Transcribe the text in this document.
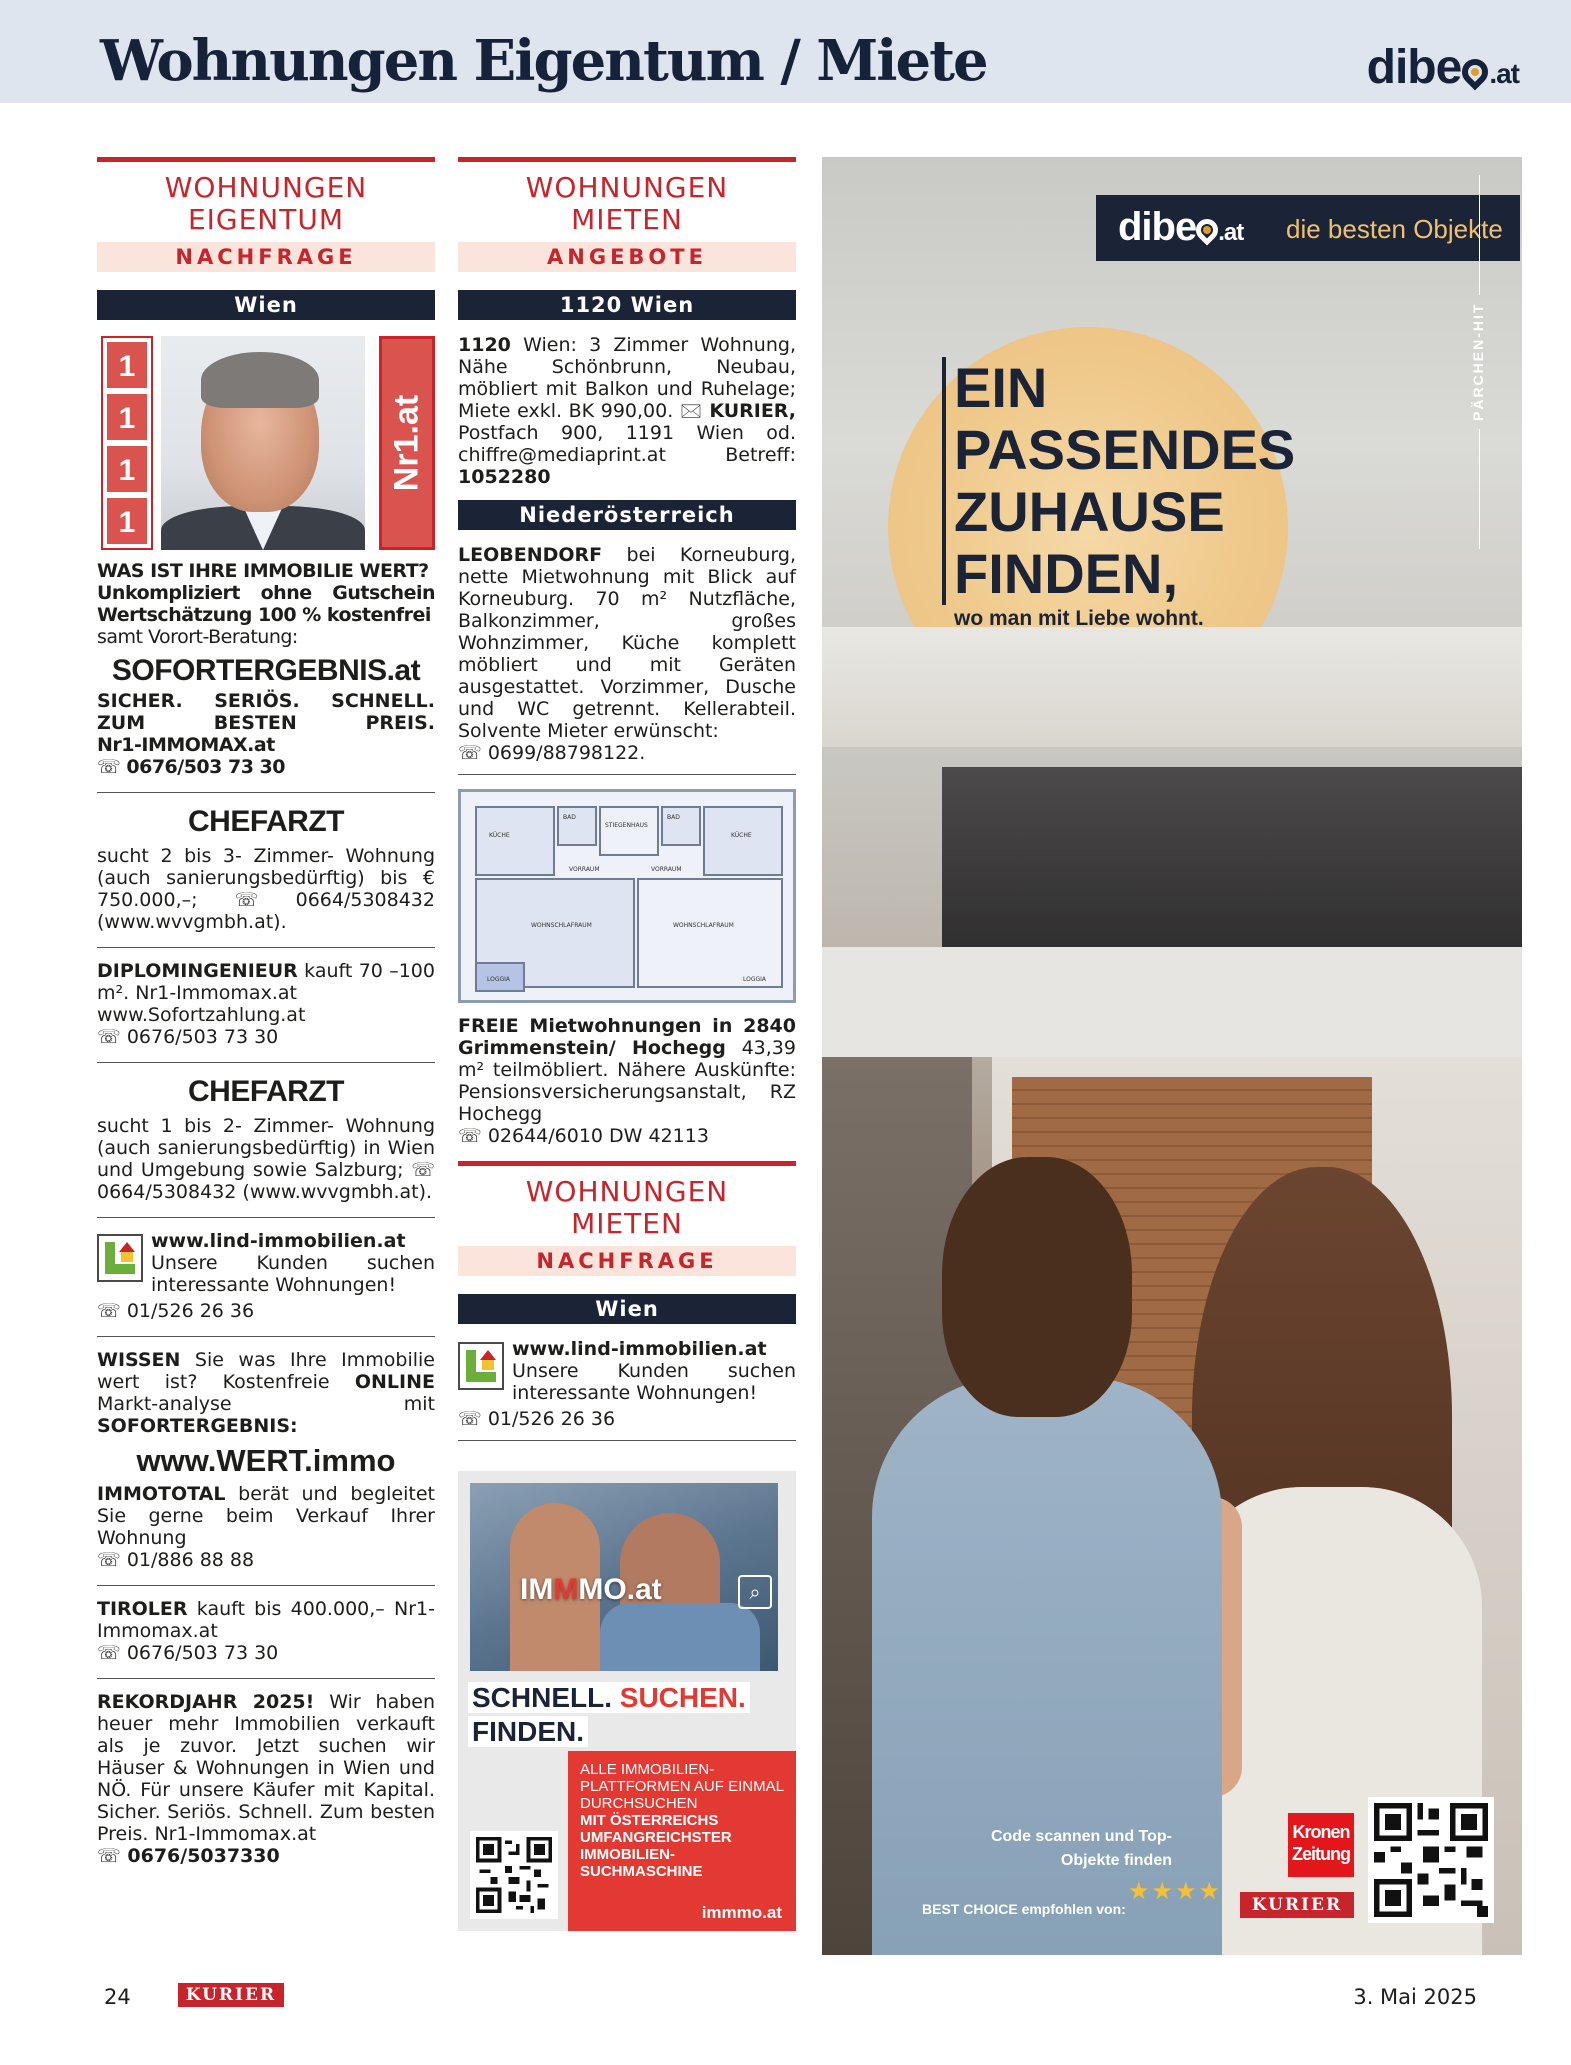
Wohnungen Eigentum / Miete	dibe .at
WOHNUNGEN
EIGENTUM
NACHFRAGE
Wien
1
1
1
1
Nr1.at
WAS IST IHRE IMMOBILIE WERT?
Unkompliziert ohne Gutschein Wertschätzung 100 % kostenfrei
samt Vorort-Beratung:
SOFORTERGEBNIS.at
SICHER. SERIÖS. SCHNELL.
ZUM	BESTEN	PREIS.
Nr1-IMMOMAX.at
☏ 0676/503 73 30
CHEFARZT
sucht 2 bis 3- Zimmer- Wohnung (auch sanierungsbedürftig) bis € 750.000,–; ☏ 0664/5308432 (www.wvvgmbh.at).
DIPLOMINGENIEUR kauft 70 –100 m². Nr1-Immomax.at
www.Sofortzahlung.at
☏ 0676/503 73 30
CHEFARZT
sucht 1 bis 2- Zimmer- Wohnung (auch sanierungsbedürftig) in Wien und Umgebung sowie Salzburg; ☏ 0664/5308432 (www.wvvgmbh.at).
www.lind-immobilien.at
Unsere Kunden suchen interessante Wohnungen!
☏ 01/526 26 36
WISSEN Sie was Ihre Immobilie wert ist? Kostenfreie ONLINE Markt-analyse mit SOFORTERGEBNIS:
www.WERT.immo
IMMOTOTAL berät und begleitet Sie gerne beim Verkauf Ihrer Wohnung
☏ 01/886 88 88
TIROLER kauft bis 400.000,– Nr1-Immomax.at
☏ 0676/503 73 30
REKORDJAHR 2025! Wir haben heuer mehr Immobilien verkauft als je zuvor. Jetzt suchen wir Häuser & Wohnungen in Wien und NÖ. Für unsere Käufer mit Kapital. Sicher. Seriös. Schnell. Zum besten Preis. Nr1-Immomax.at
☏ 0676/5037330
WOHNUNGEN
MIETEN
ANGEBOTE
1120 Wien
1120 Wien: 3 Zimmer Wohnung, Nähe Schönbrunn, Neubau, möbliert mit Balkon und Ruhelage; Miete exkl. BK 990,00. 🖂 KURIER, Postfach 900, 1191 Wien od. chiffre@mediaprint.at Betreff: 1052280
Niederösterreich
LEOBENDORF bei Korneuburg, nette Mietwohnung mit Blick auf Korneuburg. 70 m² Nutzfläche, Balkonzimmer, großes Wohnzimmer, Küche komplett möbliert und mit Geräten ausgestattet. Vorzimmer, Dusche und WC getrennt. Kellerabteil. Solvente Mieter erwünscht:
☏ 0699/88798122.
KÜCHE
BAD
STIEGENHAUS
BAD
KÜCHE
VORRAUM	VORRAUM
WOHNSCHLAFRAUM	WOHNSCHLAFRAUM
LOGGIA	LOGGIA
FREIE Mietwohnungen in 2840 Grimmenstein/ Hochegg 43,39 m² teilmöbliert. Nähere Auskünfte: Pensionsversicherungsanstalt, RZ Hochegg
☏ 02644/6010 DW 42113
WOHNUNGEN
MIETEN
NACHFRAGE
Wien
www.lind-immobilien.at
Unsere Kunden suchen interessante Wohnungen!
☏ 01/526 26 36
IMMMO.at	⌕
SCHNELL. SUCHEN.
FINDEN.
ALLE IMMOBILIEN-PLATTFORMEN AUF EINMAL DURCHSUCHEN
MIT ÖSTERREICHS UMFANGREICHSTER IMMOBILIEN-SUCHMASCHINE
immmo.at
dibe .at die besten Objekte
EIN
PASSENDES
ZUHAUSE
FINDEN,
wo man mit Liebe wohnt.
PÄRCHEN-HIT
Code scannen und Top-Objekte finden
★★★★
BEST CHOICE empfohlen von:
Kronen
Zeitung
KURIER
24	KURIER	3. Mai 2025
